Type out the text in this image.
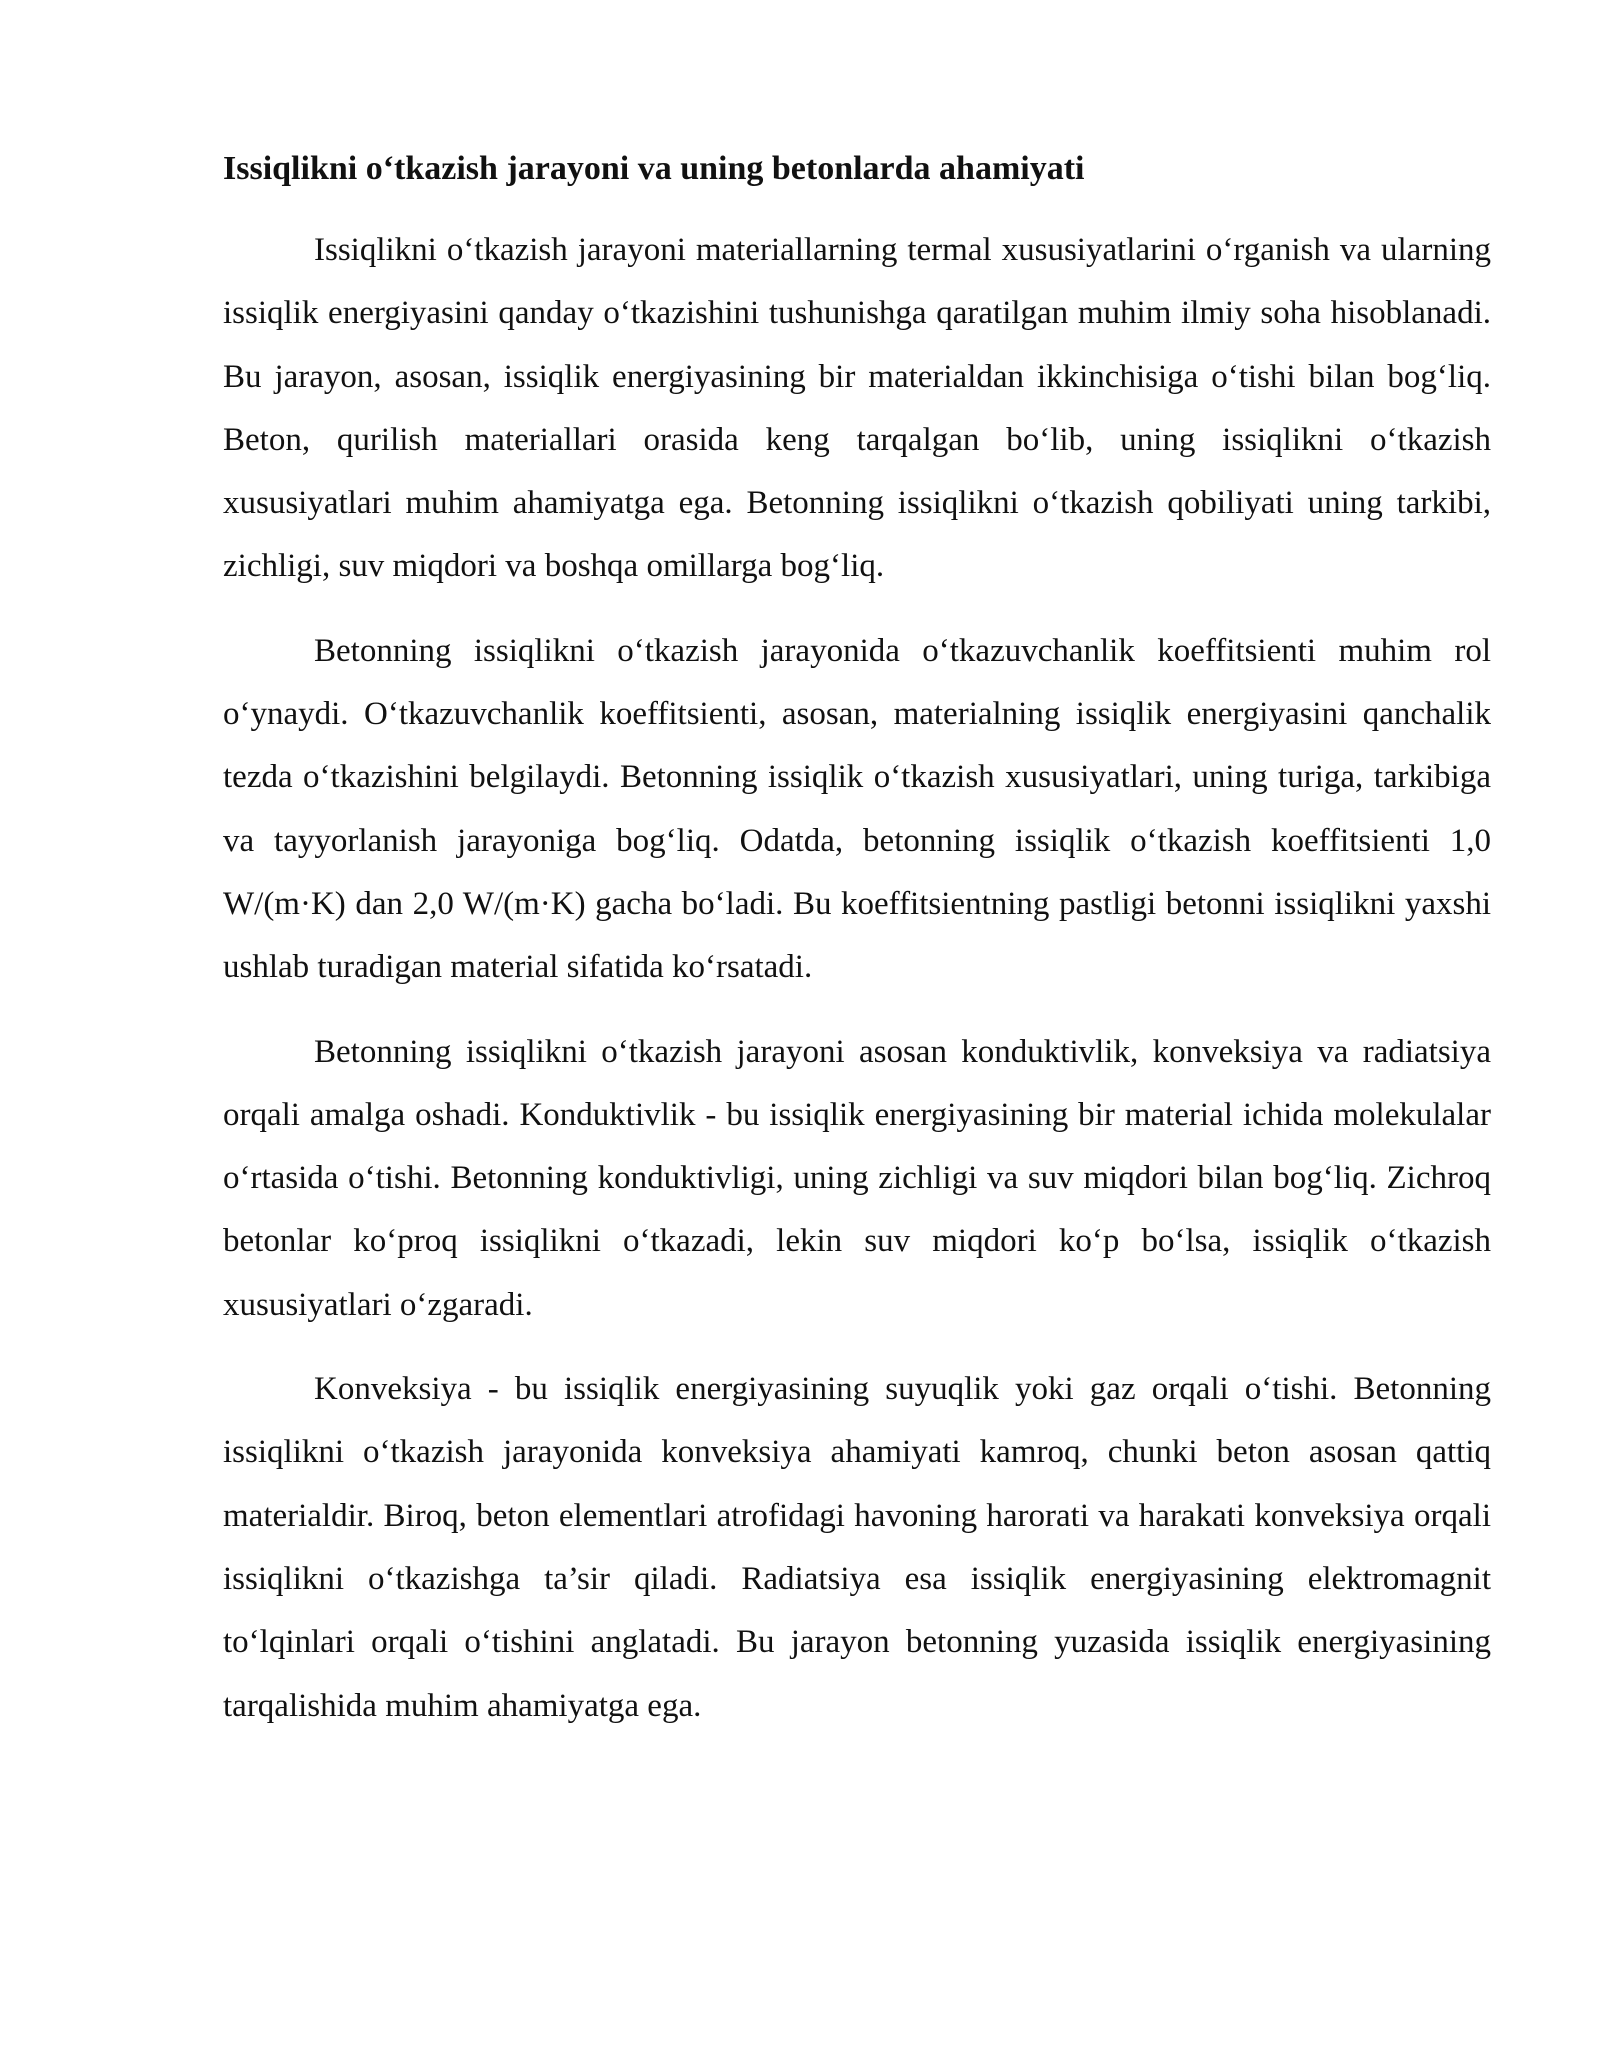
Issiqlikni o‘tkazish jarayoni va uning betonlarda ahamiyati

Issiqlikni o‘tkazish jarayoni materiallarning termal xususiyatlarini o‘rganish va ularning issiqlik energiyasini qanday o‘tkazishini tushunishga qaratilgan muhim ilmiy soha hisoblanadi. Bu jarayon, asosan, issiqlik energiyasining bir materialdan ikkinchisiga o‘tishi bilan bog‘liq. Beton, qurilish materiallari orasida keng tarqalgan bo‘lib, uning issiqlikni o‘tkazish xususiyatlari muhim ahamiyatga ega. Betonning issiqlikni o‘tkazish qobiliyati uning tarkibi, zichligi, suv miqdori va boshqa omillarga bog‘liq.

Betonning issiqlikni o‘tkazish jarayonida o‘tkazuvchanlik koeffitsienti muhim rol o‘ynaydi. O‘tkazuvchanlik koeffitsienti, asosan, materialning issiqlik energiyasini qanchalik tezda o‘tkazishini belgilaydi. Betonning issiqlik o‘tkazish xususiyatlari, uning turiga, tarkibiga va tayyorlanish jarayoniga bog‘liq. Odatda, betonning issiqlik o‘tkazish koeffitsienti 1,0 W/(m·K) dan 2,0 W/(m·K) gacha bo‘ladi. Bu koeffitsientning pastligi betonni issiqlikni yaxshi ushlab turadigan material sifatida ko‘rsatadi.

Betonning issiqlikni o‘tkazish jarayoni asosan konduktivlik, konveksiya va radiatsiya orqali amalga oshadi. Konduktivlik - bu issiqlik energiyasining bir material ichida molekulalar o‘rtasida o‘tishi. Betonning konduktivligi, uning zichligi va suv miqdori bilan bog‘liq. Zichroq betonlar ko‘proq issiqlikni o‘tkazadi, lekin suv miqdori ko‘p bo‘lsa, issiqlik o‘tkazish xususiyatlari o‘zgaradi.

Konveksiya - bu issiqlik energiyasining suyuqlik yoki gaz orqali o‘tishi. Betonning issiqlikni o‘tkazish jarayonida konveksiya ahamiyati kamroq, chunki beton asosan qattiq materialdir. Biroq, beton elementlari atrofidagi havoning harorati va harakati konveksiya orqali issiqlikni o‘tkazishga ta’sir qiladi. Radiatsiya esa issiqlik energiyasining elektromagnit to‘lqinlari orqali o‘tishini anglatadi. Bu jarayon betonning yuzasida issiqlik energiyasining tarqalishida muhim ahamiyatga ega.
